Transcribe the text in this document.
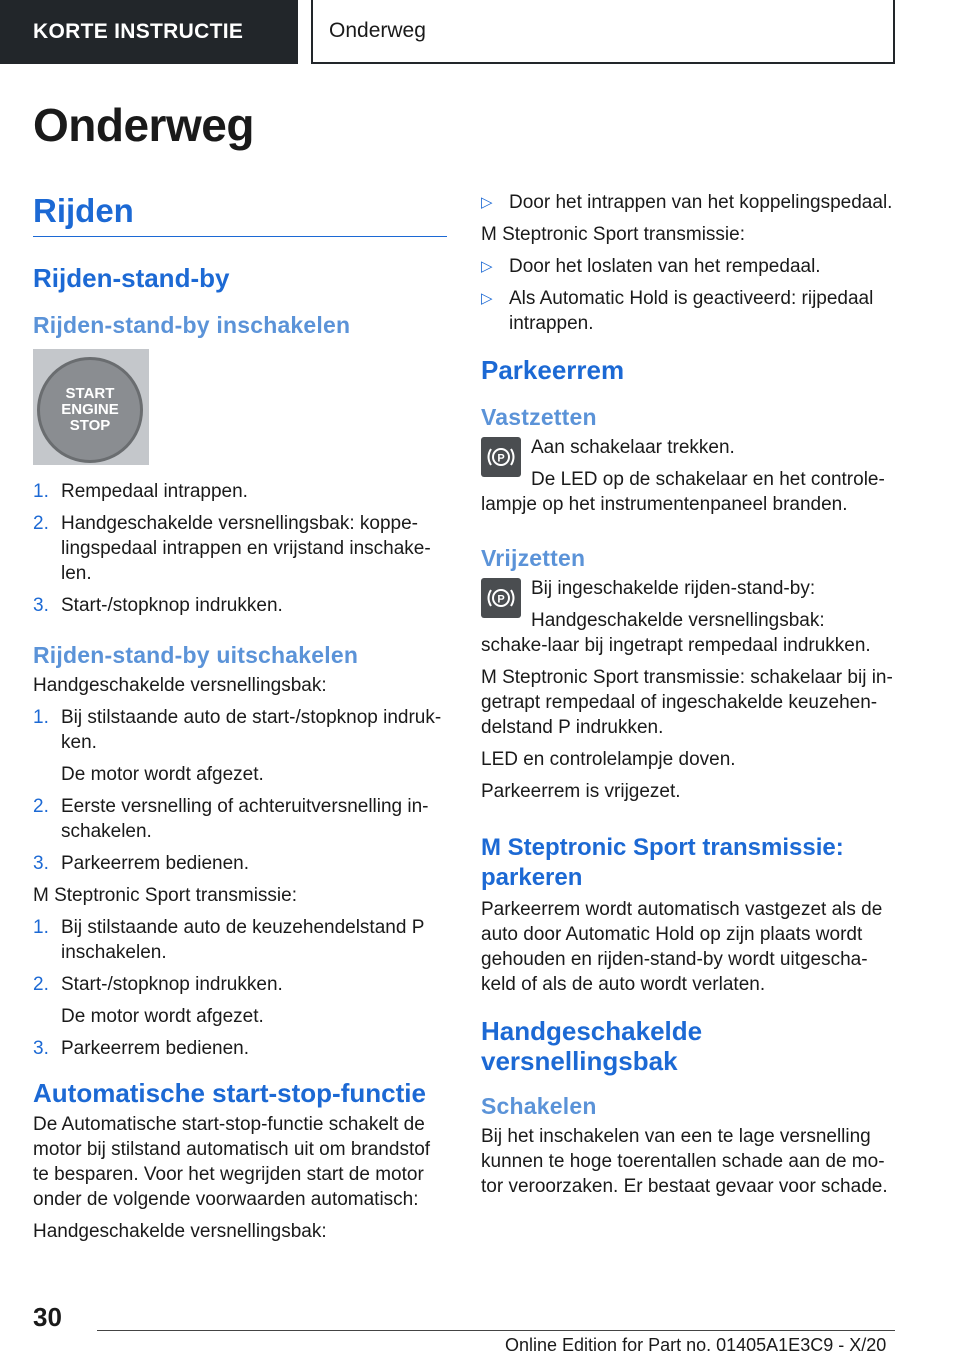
KORTE INSTRUCTIE	Onderweg
Onderweg
Rijden
Rijden-stand-by
Rijden-stand-by inschakelen
START
ENGINE
STOP
1. Rempedaal intrappen.
2. Handgeschakelde versnellingsbak: koppe-lingspedaal intrappen en vrijstand inschake-len.
3. Start-/stopknop indrukken.
Rijden-stand-by uitschakelen

Handgeschakelde versnellingsbak:

1. Bij stilstaande auto de start-/stopknop indruk-ken.
De motor wordt afgezet.
2. Eerste versnelling of achteruitversnelling in-schakelen.
3. Parkeerrem bedienen.

M Steptronic Sport transmissie:

1. Bij stilstaande auto de keuzehendelstand P inschakelen.
2. Start-/stopknop indrukken.
De motor wordt afgezet.
3. Parkeerrem bedienen.
Automatische start-stop-functie

De Automatische start-stop-functie schakelt de motor bij stilstand automatisch uit om brandstof te besparen. Voor het wegrijden start de motor onder de volgende voorwaarden automatisch:

Handgeschakelde versnellingsbak:

▷ Door het intrappen van het koppelingspedaal.

M Steptronic Sport transmissie:

▷ Door het loslaten van het rempedaal.
▷ Als Automatic Hold is geactiveerd: rijpedaal intrappen.
Parkeerrem
Vastzetten
P

Aan schakelaar trekken.

De LED op de schakelaar en het controle-lampje op het instrumentenpaneel branden.

Vrijzetten
P

Bij ingeschakelde rijden-stand-by:

Handgeschakelde versnellingsbak: schake-laar bij ingetrapt rempedaal indrukken.

M Steptronic Sport transmissie: schakelaar bij in-getrapt rempedaal of ingeschakelde keuzehen-delstand P indrukken.

LED en controlelampje doven.

Parkeerrem is vrijgezet.

M Steptronic Sport transmissie: parkeren

Parkeerrem wordt automatisch vastgezet als de auto door Automatic Hold op zijn plaats wordt gehouden en rijden-stand-by wordt uitgescha-keld of als de auto wordt verlaten.

Handgeschakelde versnellingsbak
Schakelen

Bij het inschakelen van een te lage versnelling kunnen te hoge toerentallen schade aan de mo-tor veroorzaken. Er bestaat gevaar voor schade.

30
Online Edition for Part no. 01405A1E3C9 - X/20
